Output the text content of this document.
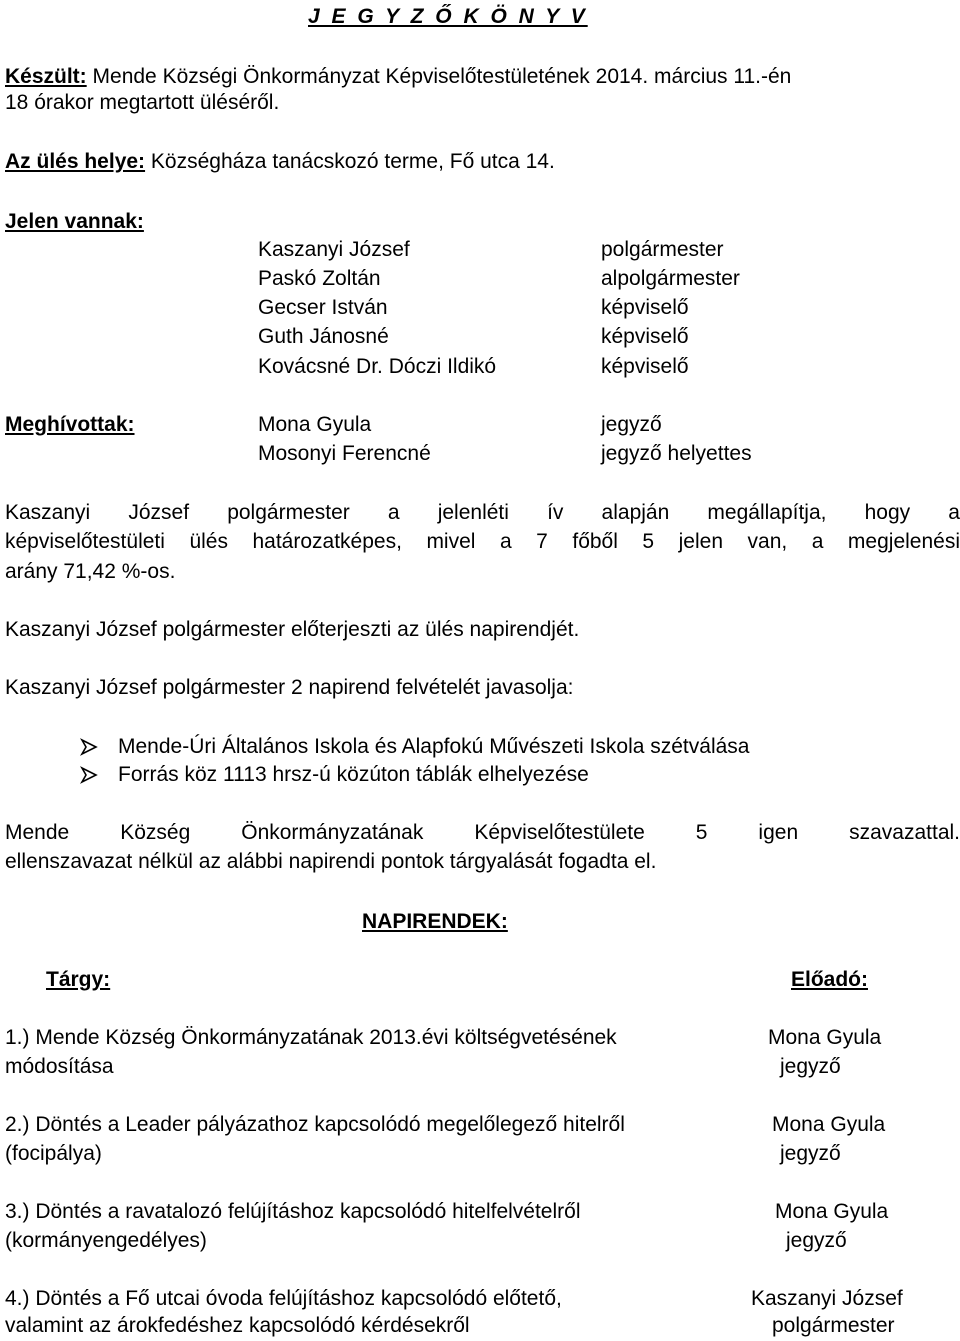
J E G Y Z Ő K Ö N Y V
Készült: Mende Községi Önkormányzat Képviselőtestületének 2014. március 11.-én
18 órakor megtartott üléséről.
Az ülés helye: Községháza tanácskozó terme, Fő utca 14.
Jelen vannak:
Kaszanyi József	polgármester
Paskó Zoltán	alpolgármester
Gecser István	képviselő
Guth Jánosné	képviselő
Kovácsné Dr. Dóczi Ildikó	képviselő
Meghívottak:	Mona Gyula	jegyző
Mosonyi Ferencné	jegyző helyettes
Kaszanyi József polgármester a jelenléti ív alapján megállapítja, hogy a
képviselőtestületi ülés határozatképes, mivel a 7 főből 5 jelen van, a megjelenési
arány 71,42 %-os.
Kaszanyi József polgármester előterjeszti az ülés napirendjét.
Kaszanyi József polgármester 2 napirend felvételét javasolja:
Mende-Úri Általános Iskola és Alapfokú Művészeti Iskola szétválása
Forrás köz 1113 hrsz-ú közúton táblák elhelyezése
Mende Község Önkormányzatának Képviselőtestülete 5 igen szavazattal.
ellenszavazat nélkül az alábbi napirendi pontok tárgyalását fogadta el.
NAPIRENDEK:
Tárgy:	Előadó:
1.) Mende Község Önkormányzatának 2013.évi költségvetésének	Mona Gyula
módosítása	jegyző
2.) Döntés a Leader pályázathoz kapcsolódó megelőlegező hitelről	Mona Gyula
(focipálya)	jegyző
3.) Döntés a ravatalozó felújításhoz kapcsolódó hitelfelvételről	Mona Gyula
(kormányengedélyes)	jegyző
4.) Döntés a Fő utcai óvoda felújításhoz kapcsolódó előtető,	Kaszanyi József
valamint az árokfedéshez kapcsolódó kérdésekről	polgármester
